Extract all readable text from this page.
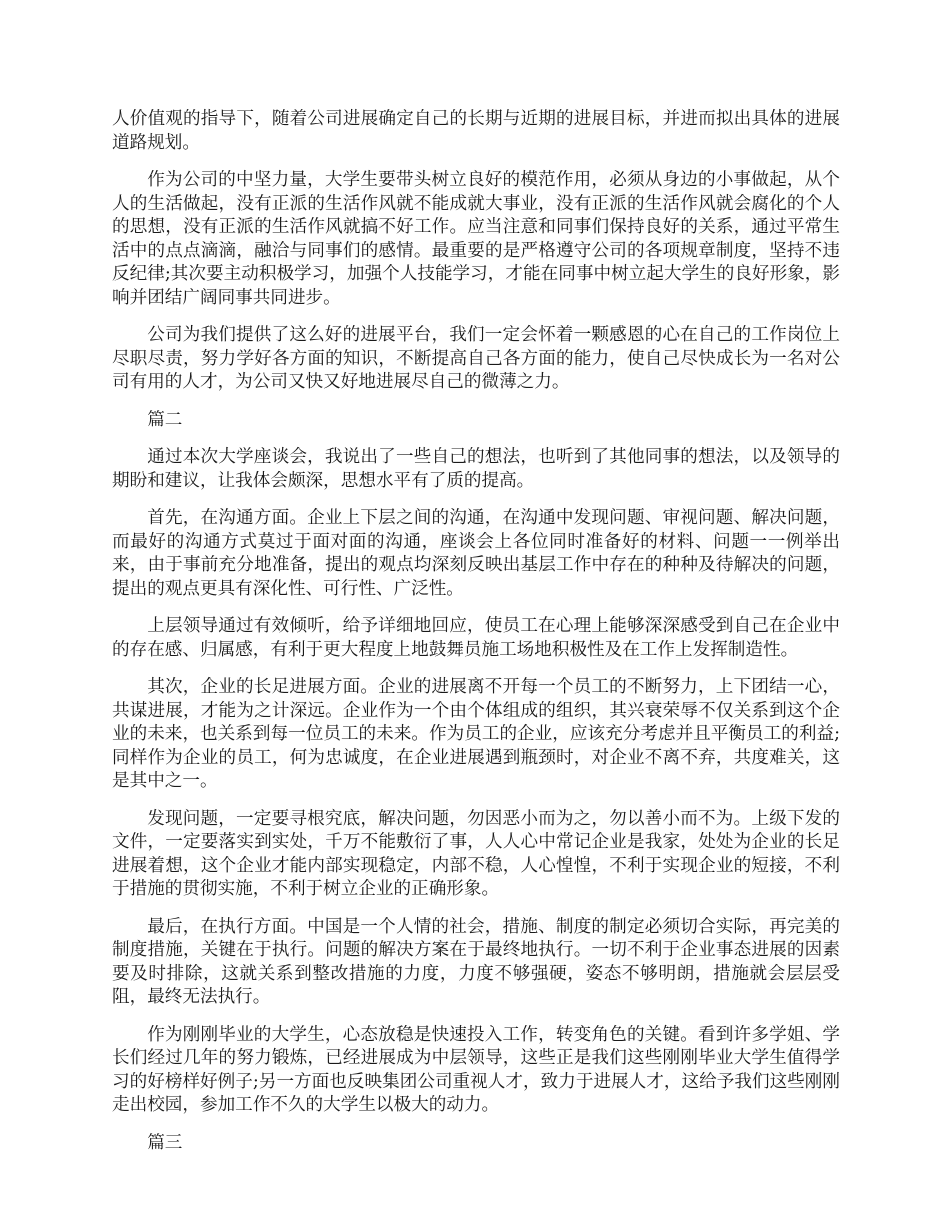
人价值观的指导下，随着公司进展确定自己的长期与近期的进展目标，并进而拟出具体的进展道路规划。

作为公司的中坚力量，大学生要带头树立良好的模范作用，必须从身边的小事做起，从个人的生活做起，没有正派的生活作风就不能成就大事业，没有正派的生活作风就会腐化的个人的思想，没有正派的生活作风就搞不好工作。应当注意和同事们保持良好的关系，通过平常生活中的点点滴滴，融洽与同事们的感情。最重要的是严格遵守公司的各项规章制度，坚持不违反纪律;其次要主动积极学习，加强个人技能学习，才能在同事中树立起大学生的良好形象，影响并团结广阔同事共同进步。

公司为我们提供了这么好的进展平台，我们一定会怀着一颗感恩的心在自己的工作岗位上尽职尽责，努力学好各方面的知识，不断提高自己各方面的能力，使自己尽快成长为一名对公司有用的人才，为公司又快又好地进展尽自己的微薄之力。

篇二

通过本次大学座谈会，我说出了一些自己的想法，也听到了其他同事的想法，以及领导的期盼和建议，让我体会颇深，思想水平有了质的提高。

首先，在沟通方面。企业上下层之间的沟通，在沟通中发现问题、审视问题、解决问题，而最好的沟通方式莫过于面对面的沟通，座谈会上各位同时准备好的材料、问题一一例举出来，由于事前充分地准备，提出的观点均深刻反映出基层工作中存在的种种及待解决的问题，提出的观点更具有深化性、可行性、广泛性。

上层领导通过有效倾听，给予详细地回应，使员工在心理上能够深深感受到自己在企业中的存在感、归属感，有利于更大程度上地鼓舞员施工场地积极性及在工作上发挥制造性。

其次，企业的长足进展方面。企业的进展离不开每一个员工的不断努力，上下团结一心，共谋进展，才能为之计深远。企业作为一个由个体组成的组织，其兴衰荣辱不仅关系到这个企业的未来，也关系到每一位员工的未来。作为员工的企业，应该充分考虑并且平衡员工的利益;同样作为企业的员工，何为忠诚度，在企业进展遇到瓶颈时，对企业不离不弃，共度难关，这是其中之一。

发现问题，一定要寻根究底，解决问题，勿因恶小而为之，勿以善小而不为。上级下发的文件，一定要落实到实处，千万不能敷衍了事，人人心中常记企业是我家，处处为企业的长足进展着想，这个企业才能内部实现稳定，内部不稳，人心惶惶，不利于实现企业的短接，不利于措施的贯彻实施，不利于树立企业的正确形象。

最后，在执行方面。中国是一个人情的社会，措施、制度的制定必须切合实际，再完美的制度措施，关键在于执行。问题的解决方案在于最终地执行。一切不利于企业事态进展的因素要及时排除，这就关系到整改措施的力度，力度不够强硬，姿态不够明朗，措施就会层层受阻，最终无法执行。

作为刚刚毕业的大学生，心态放稳是快速投入工作，转变角色的关键。看到许多学姐、学长们经过几年的努力锻炼，已经进展成为中层领导，这些正是我们这些刚刚毕业大学生值得学习的好榜样好例子;另一方面也反映集团公司重视人才，致力于进展人才，这给予我们这些刚刚走出校园，参加工作不久的大学生以极大的动力。

篇三
